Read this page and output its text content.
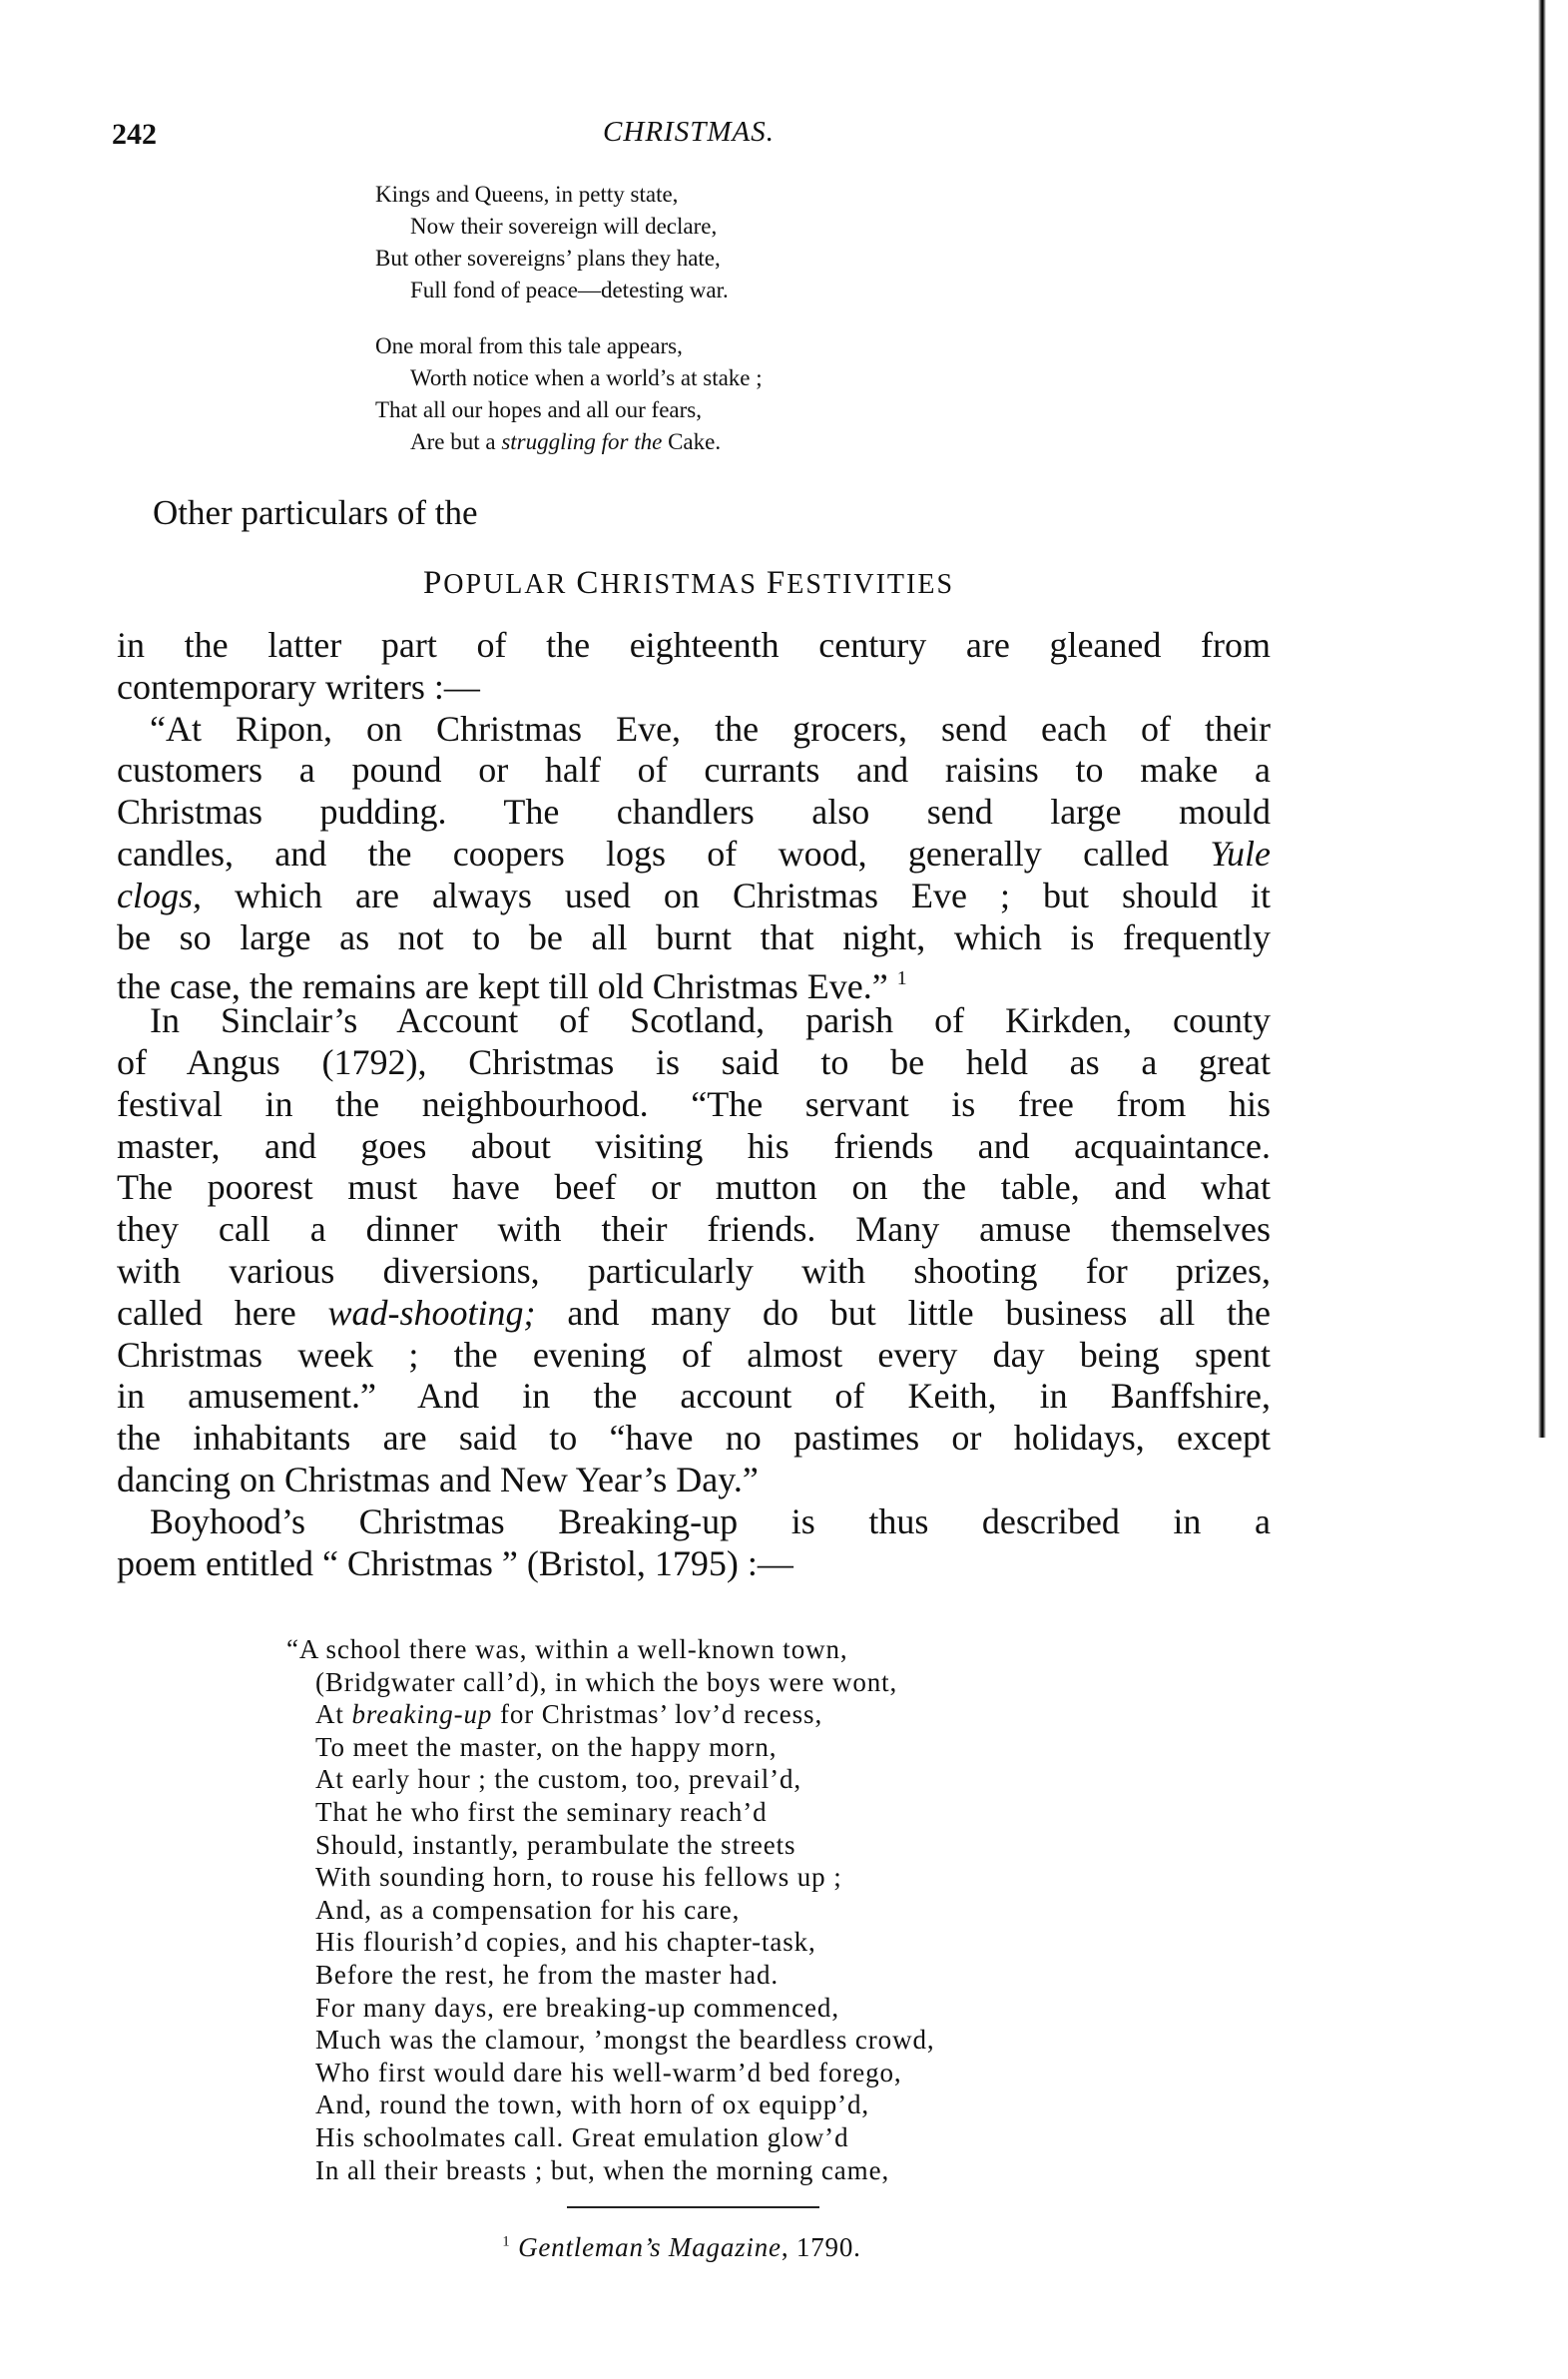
242	CHRISTMAS.
Kings and Queens, in petty state,
Now their sovereign will declare,
But other sovereigns’ plans they hate,
Full fond of peace—detesting war.
One moral from this tale appears,
Worth notice when a world’s at stake ;
That all our hopes and all our fears,
Are but a struggling for the Cake.
Other particulars of the
POPULAR CHRISTMAS FESTIVITIES
in the latter part of the eighteenth century are gleaned from
contemporary writers :—
“At Ripon, on Christmas Eve, the grocers, send each of their
customers a pound or half of currants and raisins to make a
Christmas pudding. The chandlers also send large mould
candles, and the coopers logs of wood, generally called Yule
clogs, which are always used on Christmas Eve ; but should it
be so large as not to be all burnt that night, which is frequently
the case, the remains are kept till old Christmas Eve.” $^1$
In Sinclair’s Account of Scotland, parish of Kirkden, county
of Angus (1792), Christmas is said to be held as a great
festival in the neighbourhood. “The servant is free from his
master, and goes about visiting his friends and acquaintance.
The poorest must have beef or mutton on the table, and what
they call a dinner with their friends. Many amuse themselves
with various diversions, particularly with shooting for prizes,
called here wad-shooting; and many do but little business all the
Christmas week ; the evening of almost every day being spent
in amusement.” And in the account of Keith, in Banffshire,
the inhabitants are said to “have no pastimes or holidays, except
dancing on Christmas and New Year’s Day.”
Boyhood’s Christmas Breaking-up is thus described in a
poem entitled “ Christmas ” (Bristol, 1795) :—
“A school there was, within a well-known town,
(Bridgwater call’d), in which the boys were wont,
At breaking-up for Christmas’ lov’d recess,
To meet the master, on the happy morn,
At early hour ; the custom, too, prevail’d,
That he who first the seminary reach’d
Should, instantly, perambulate the streets
With sounding horn, to rouse his fellows up ;
And, as a compensation for his care,
His flourish’d copies, and his chapter-task,
Before the rest, he from the master had.
For many days, ere breaking-up commenced,
Much was the clamour, ’mongst the beardless crowd,
Who first would dare his well-warm’d bed forego,
And, round the town, with horn of ox equipp’d,
His schoolmates call. Great emulation glow’d
In all their breasts ; but, when the morning came,
$^1$ Gentleman’s Magazine, 1790.
